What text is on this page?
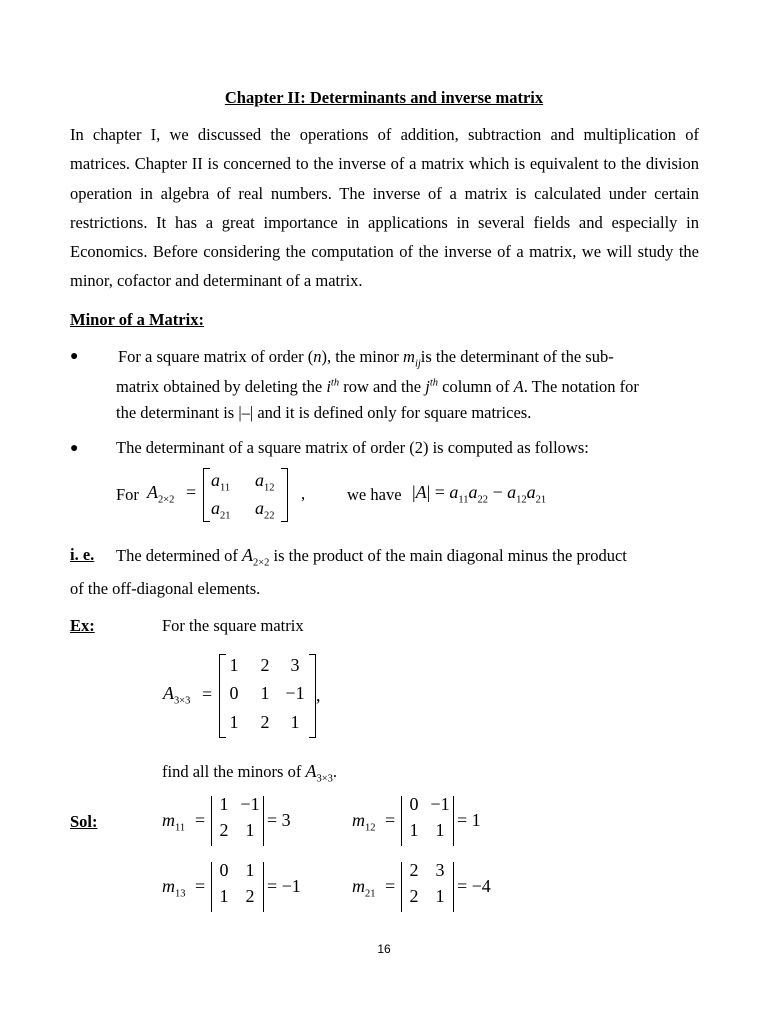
Chapter II: Determinants and inverse matrix

In chapter I, we discussed the operations of addition, subtraction and multiplication of matrices. Chapter II is concerned to the inverse of a matrix which is equivalent to the division operation in algebra of real numbers. The inverse of a matrix is calculated under certain restrictions. It has a great importance in applications in several fields and especially in Economics. Before considering the computation of the inverse of a matrix, we will study the minor, cofactor and determinant of a matrix.

Minor of a Matrix:
● For a square matrix of order (n), the minor $m_{ij}is$ the determinant of the sub-
matrix obtained by deleting the $i^{th}$ row and the $j^{th}$ column of A. The notation for
the determinant is |–| and it is defined only for square matrices.
● The determinant of a square matrix of order (2) is computed as follows:
For $A_{2\times 2}$ =
$a_{11}$ $a_{12}$
$a_{21}$ $a_{22}$
,	we have $|A| = a_{11}a_{22} - a_{12}a_{21}$
i. e. The determined of $A_{2\times 2}$ is the product of the main diagonal minus the product
of the off-diagonal elements.
Ex:	For the square matrix
$A_{3\times 3}$ =
1	2	3
0	1 −1
1	2	1
,
find all the minors of $A_{3\times 3}$.
Sol:	$m_{11}$ =
1 −1
2 1 = 3	$m_{12}$ =
0 −1
1 1 = 1
$m_{13}$ =
0 1
1 2 = −1	$m_{21}$ =
2 3
2 1 = −4
16
